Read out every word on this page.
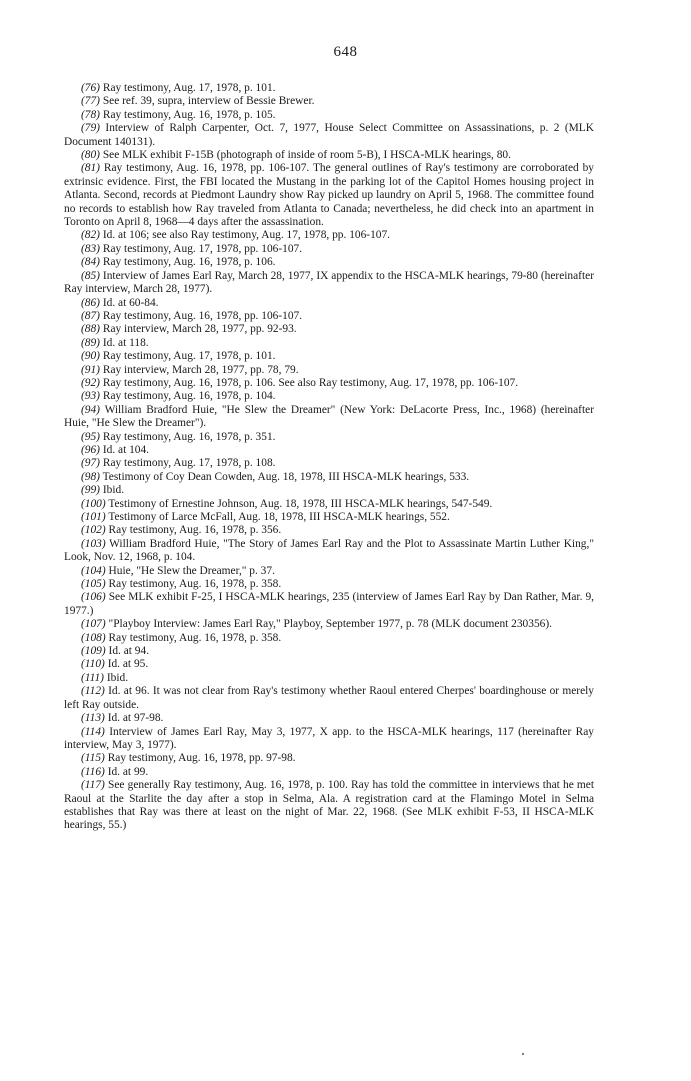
648

(76) Ray testimony, Aug. 17, 1978, p. 101.

(77) See ref. 39, supra, interview of Bessie Brewer.

(78) Ray testimony, Aug. 16, 1978, p. 105.

(79) Interview of Ralph Carpenter, Oct. 7, 1977, House Select Committee on Assassinations, p. 2 (MLK Document 140131).

(80) See MLK exhibit F-15B (photograph of inside of room 5-B), I HSCA-MLK hearings, 80.

(81) Ray testimony, Aug. 16, 1978, pp. 106-107. The general outlines of Ray's testimony are corroborated by extrinsic evidence. First, the FBI located the Mustang in the parking lot of the Capitol Homes housing project in Atlanta. Second, records at Piedmont Laundry show Ray picked up laundry on April 5, 1968. The committee found no records to establish how Ray traveled from Atlanta to Canada; nevertheless, he did check into an apartment in Toronto on April 8, 1968—4 days after the assassination.

(82) Id. at 106; see also Ray testimony, Aug. 17, 1978, pp. 106-107.

(83) Ray testimony, Aug. 17, 1978, pp. 106-107.

(84) Ray testimony, Aug. 16, 1978, p. 106.

(85) Interview of James Earl Ray, March 28, 1977, IX appendix to the HSCA-MLK hearings, 79-80 (hereinafter Ray interview, March 28, 1977).

(86) Id. at 60-84.

(87) Ray testimony, Aug. 16, 1978, pp. 106-107.

(88) Ray interview, March 28, 1977, pp. 92-93.

(89) Id. at 118.

(90) Ray testimony, Aug. 17, 1978, p. 101.

(91) Ray interview, March 28, 1977, pp. 78, 79.

(92) Ray testimony, Aug. 16, 1978, p. 106. See also Ray testimony, Aug. 17, 1978, pp. 106-107.

(93) Ray testimony, Aug. 16, 1978, p. 104.

(94) William Bradford Huie, "He Slew the Dreamer" (New York: DeLacorte Press, Inc., 1968) (hereinafter Huie, "He Slew the Dreamer").

(95) Ray testimony, Aug. 16, 1978, p. 351.

(96) Id. at 104.

(97) Ray testimony, Aug. 17, 1978, p. 108.

(98) Testimony of Coy Dean Cowden, Aug. 18, 1978, III HSCA-MLK hearings, 533.

(99) Ibid.

(100) Testimony of Ernestine Johnson, Aug. 18, 1978, III HSCA-MLK hearings, 547-549.

(101) Testimony of Larce McFall, Aug. 18, 1978, III HSCA-MLK hearings, 552.

(102) Ray testimony, Aug. 16, 1978, p. 356.

(103) William Bradford Huie, "The Story of James Earl Ray and the Plot to Assassinate Martin Luther King," Look, Nov. 12, 1968, p. 104.

(104) Huie, "He Slew the Dreamer," p. 37.

(105) Ray testimony, Aug. 16, 1978, p. 358.

(106) See MLK exhibit F-25, I HSCA-MLK hearings, 235 (interview of James Earl Ray by Dan Rather, Mar. 9, 1977.)

(107) "Playboy Interview: James Earl Ray," Playboy, September 1977, p. 78 (MLK document 230356).

(108) Ray testimony, Aug. 16, 1978, p. 358.

(109) Id. at 94.

(110) Id. at 95.

(111) Ibid.

(112) Id. at 96. It was not clear from Ray's testimony whether Raoul entered Cherpes' boardinghouse or merely left Ray outside.

(113) Id. at 97-98.

(114) Interview of James Earl Ray, May 3, 1977, X app. to the HSCA-MLK hearings, 117 (hereinafter Ray interview, May 3, 1977).

(115) Ray testimony, Aug. 16, 1978, pp. 97-98.

(116) Id. at 99.

(117) See generally Ray testimony, Aug. 16, 1978, p. 100. Ray has told the committee in interviews that he met Raoul at the Starlite the day after a stop in Selma, Ala. A registration card at the Flamingo Motel in Selma establishes that Ray was there at least on the night of Mar. 22, 1968. (See MLK exhibit F-53, II HSCA-MLK hearings, 55.)
